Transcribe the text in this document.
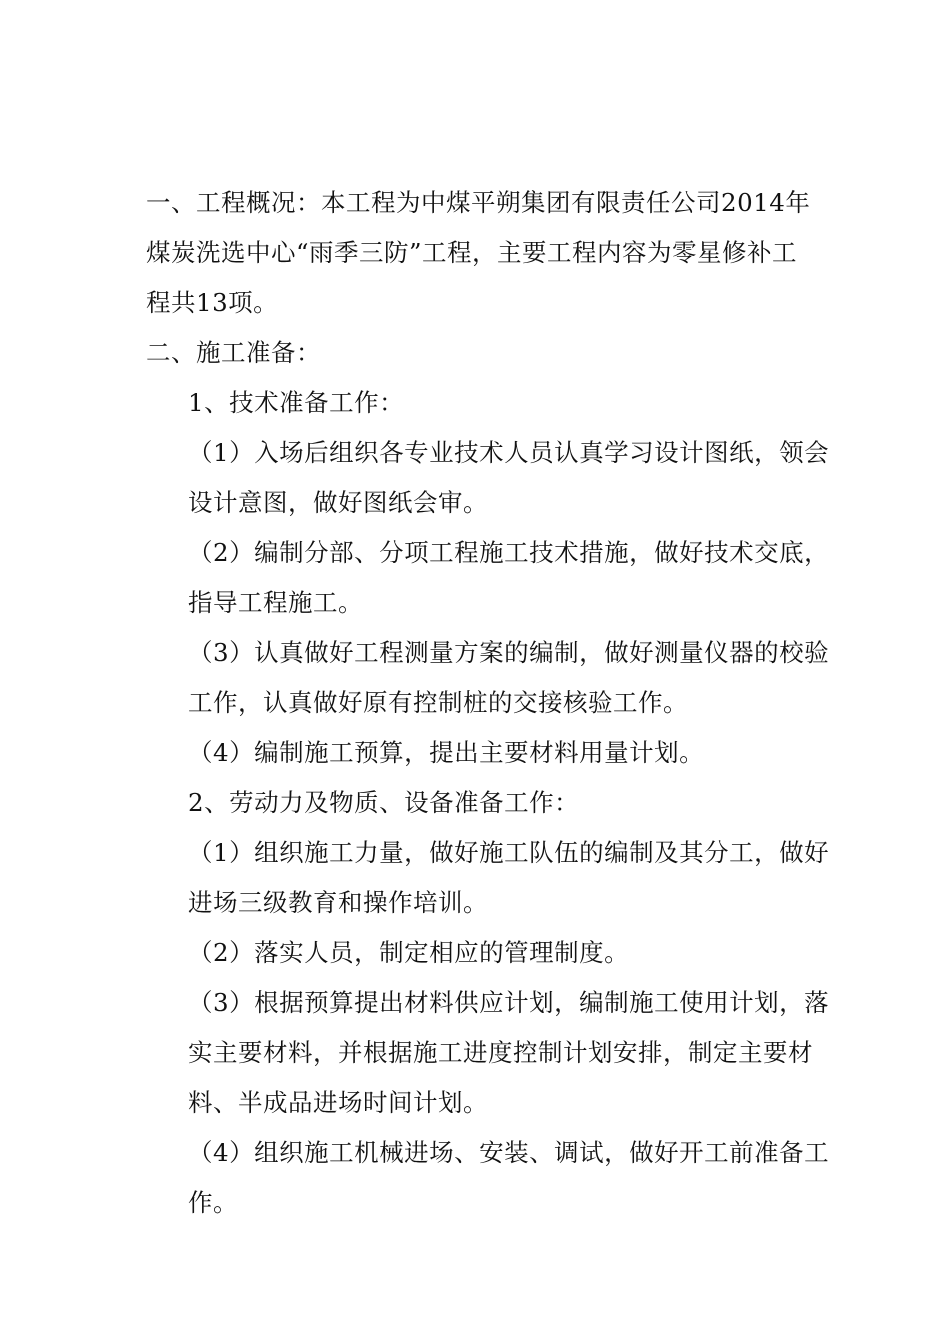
一、工程概况：本工程为中煤平朔集团有限责任公司2014年
煤炭洗选中心“雨季三防”工程，主要工程内容为零星修补工
程共13项。
二、施工准备：
1、技术准备工作：
（1）入场后组织各专业技术人员认真学习设计图纸，领会
设计意图，做好图纸会审。
（2）编制分部、分项工程施工技术措施，做好技术交底，
指导工程施工。
（3）认真做好工程测量方案的编制，做好测量仪器的校验
工作，认真做好原有控制桩的交接核验工作。
（4）编制施工预算，提出主要材料用量计划。
2、劳动力及物质、设备准备工作：
（1）组织施工力量，做好施工队伍的编制及其分工，做好
进场三级教育和操作培训。
（2）落实人员，制定相应的管理制度。
（3）根据预算提出材料供应计划，编制施工使用计划，落
实主要材料，并根据施工进度控制计划安排，制定主要材
料、半成品进场时间计划。
（4）组织施工机械进场、安装、调试，做好开工前准备工
作。
